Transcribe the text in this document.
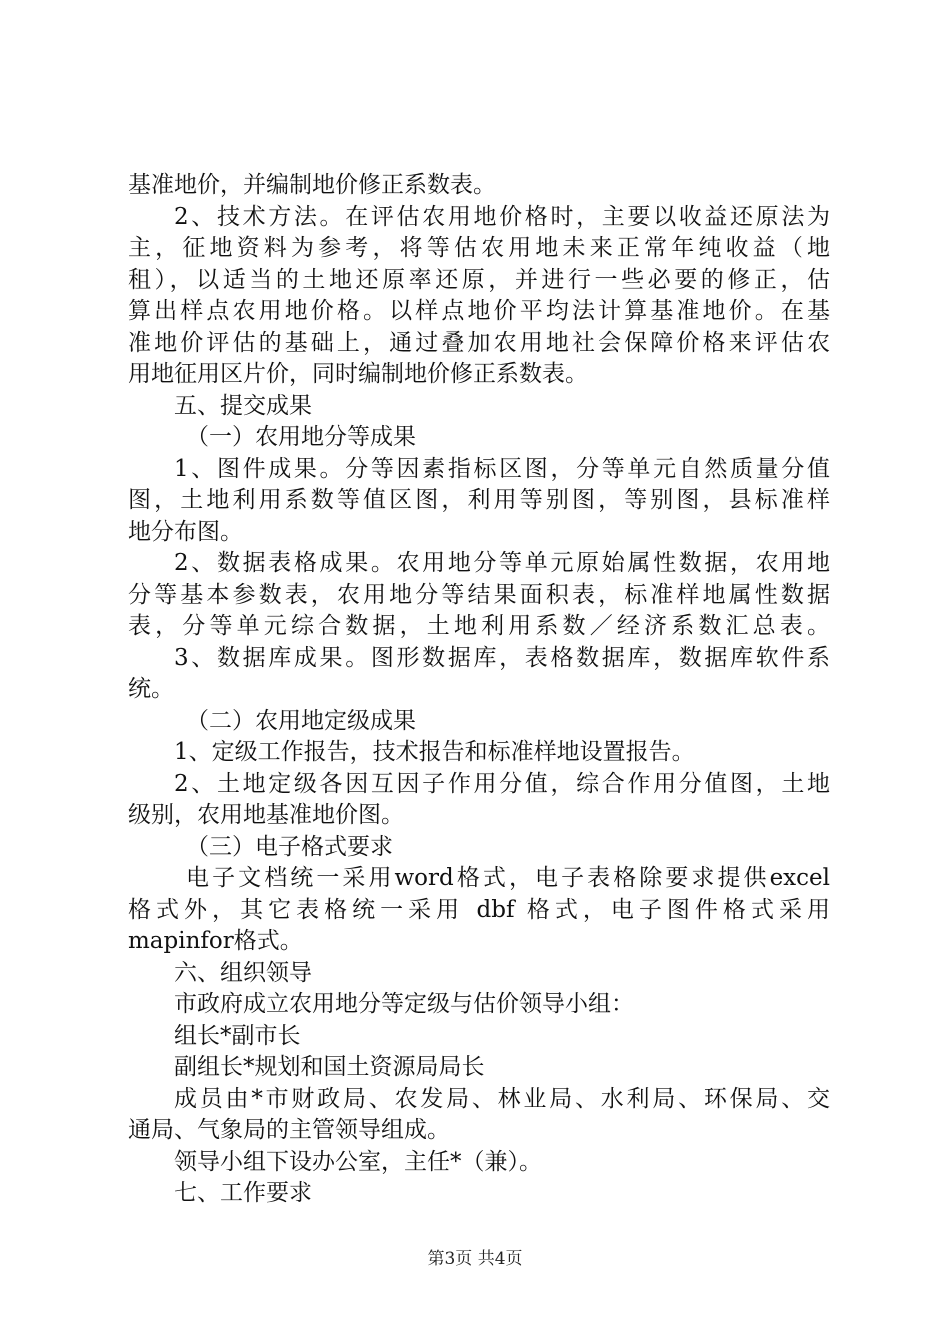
基准地价，并编制地价修正系数表。
2、技术方法。在评估农用地价格时，主要以收益还原法为
主，征地资料为参考，将等估农用地未来正常年纯收益（地
租），以适当的土地还原率还原，并进行一些必要的修正，估
算出样点农用地价格。以样点地价平均法计算基准地价。在基
准地价评估的基础上，通过叠加农用地社会保障价格来评估农
用地征用区片价，同时编制地价修正系数表。
五、提交成果
（一）农用地分等成果
1、图件成果。分等因素指标区图，分等单元自然质量分值
图，土地利用系数等值区图，利用等别图，等别图，县标准样
地分布图。
2、数据表格成果。农用地分等单元原始属性数据，农用地
分等基本参数表，农用地分等结果面积表，标准样地属性数据
表，分等单元综合数据，土地利用系数／经济系数汇总表。
3、数据库成果。图形数据库，表格数据库，数据库软件系
统。
（二）农用地定级成果
1、定级工作报告，技术报告和标准样地设置报告。
2、土地定级各因互因子作用分值，综合作用分值图，土地
级别，农用地基准地价图。
（三）电子格式要求
电子文档统一采用word格式，电子表格除要求提供excel
格式外，其它表格统一采用 dbf 格式，电子图件格式采用
mapinfor格式。
六、组织领导
市政府成立农用地分等定级与估价领导小组：
组长*副市长
副组长*规划和国土资源局局长
成员由*市财政局、农发局、林业局、水利局、环保局、交
通局、气象局的主管领导组成。
领导小组下设办公室，主任*（兼）。
七、工作要求
第3页 共4页
